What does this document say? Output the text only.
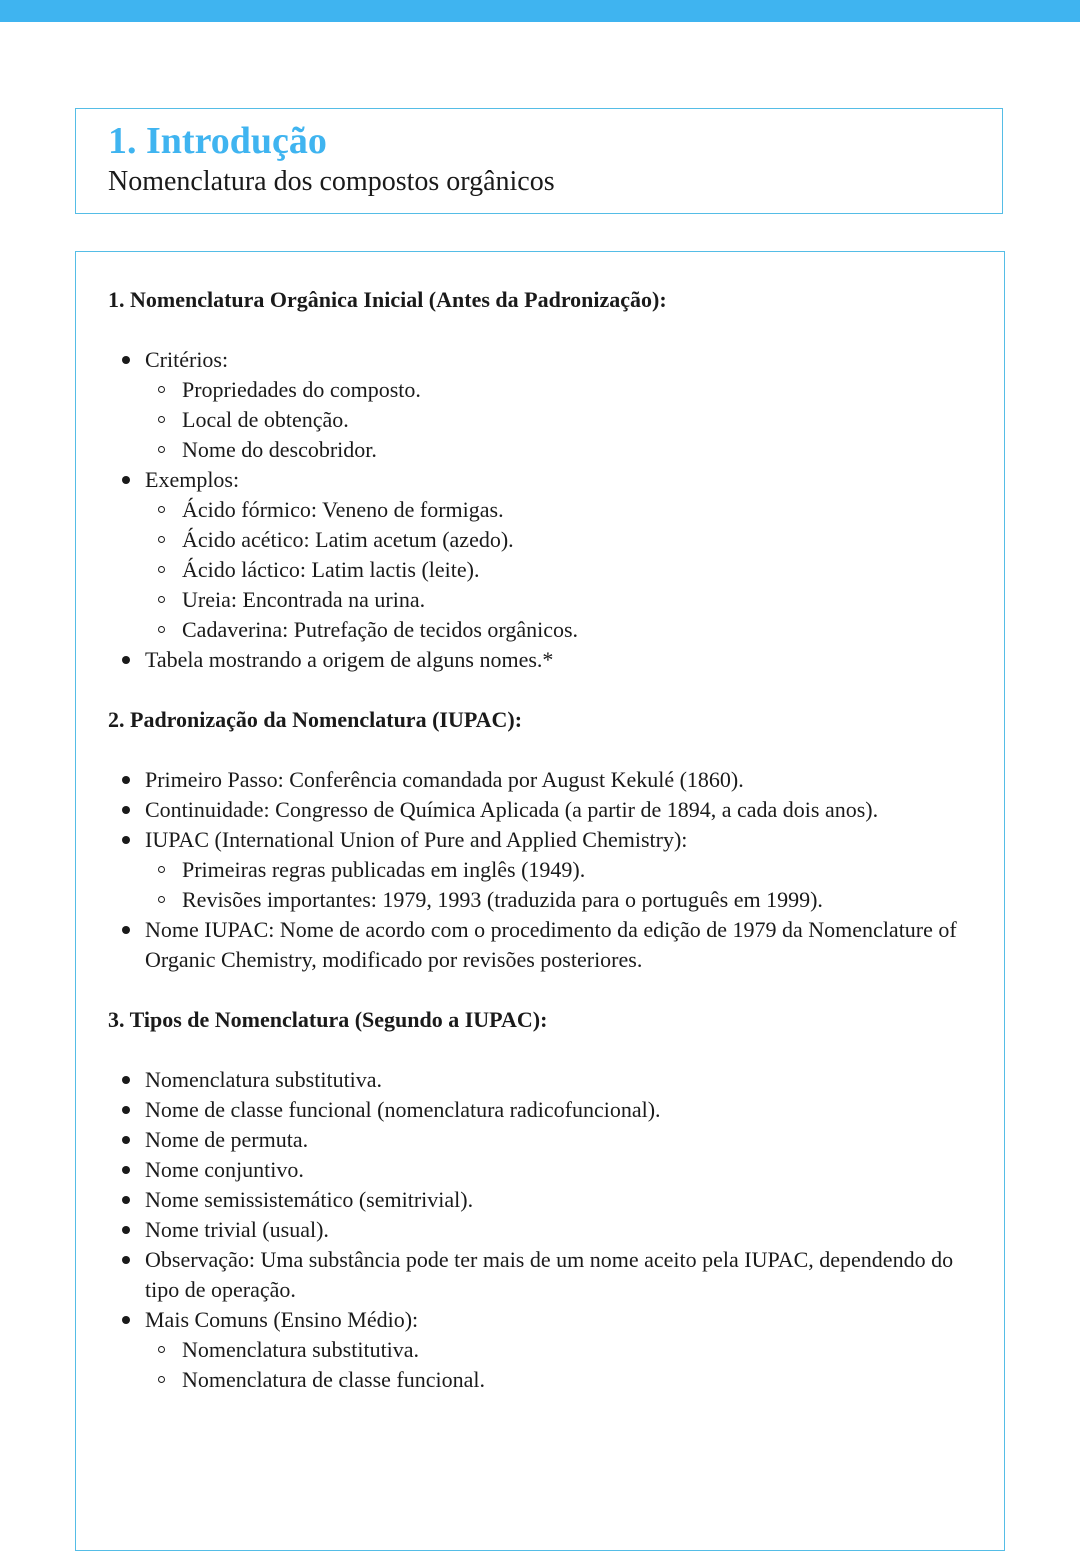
1. Introdução
Nomenclatura dos compostos orgânicos
1. Nomenclatura Orgânica Inicial (Antes da Padronização):
Critérios:
Propriedades do composto.
Local de obtenção.
Nome do descobridor.
Exemplos:
Ácido fórmico: Veneno de formigas.
Ácido acético: Latim acetum (azedo).
Ácido láctico: Latim lactis (leite).
Ureia: Encontrada na urina.
Cadaverina: Putrefação de tecidos orgânicos.
Tabela mostrando a origem de alguns nomes.*
2. Padronização da Nomenclatura (IUPAC):
Primeiro Passo: Conferência comandada por August Kekulé (1860).
Continuidade: Congresso de Química Aplicada (a partir de 1894, a cada dois anos).
IUPAC (International Union of Pure and Applied Chemistry):
Primeiras regras publicadas em inglês (1949).
Revisões importantes: 1979, 1993 (traduzida para o português em 1999).
Nome IUPAC: Nome de acordo com o procedimento da edição de 1979 da Nomenclature of Organic Chemistry, modificado por revisões posteriores.
3. Tipos de Nomenclatura (Segundo a IUPAC):
Nomenclatura substitutiva.
Nome de classe funcional (nomenclatura radicofuncional).
Nome de permuta.
Nome conjuntivo.
Nome semissistemático (semitrivial).
Nome trivial (usual).
Observação: Uma substância pode ter mais de um nome aceito pela IUPAC, dependendo do tipo de operação.
Mais Comuns (Ensino Médio):
Nomenclatura substitutiva.
Nomenclatura de classe funcional.
